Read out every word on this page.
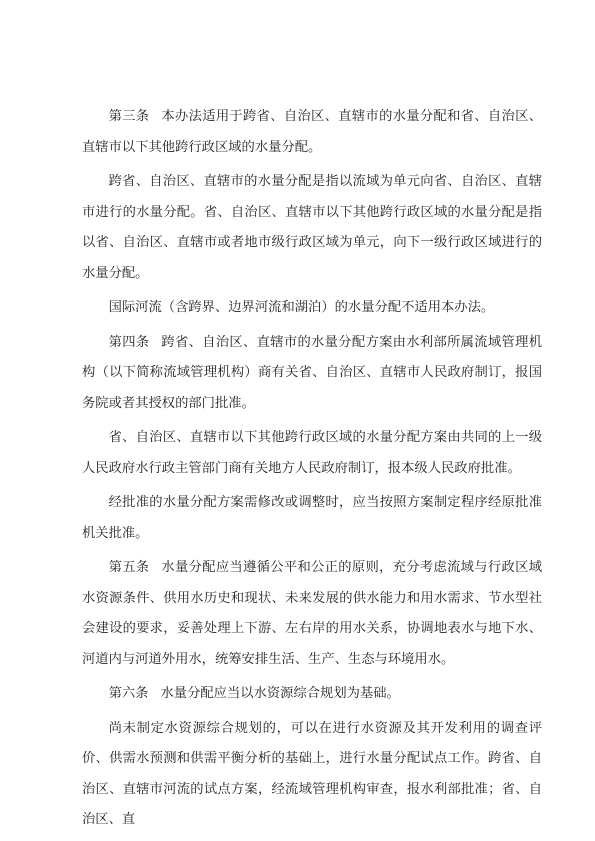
第三条 本办法适用于跨省、自治区、直辖市的水量分配和省、自治区、直辖市以下其他跨行政区域的水量分配。

跨省、自治区、直辖市的水量分配是指以流域为单元向省、自治区、直辖市进行的水量分配。省、自治区、直辖市以下其他跨行政区域的水量分配是指以省、自治区、直辖市或者地市级行政区域为单元，向下一级行政区域进行的水量分配。

国际河流（含跨界、边界河流和湖泊）的水量分配不适用本办法。

第四条 跨省、自治区、直辖市的水量分配方案由水利部所属流域管理机构（以下简称流域管理机构）商有关省、自治区、直辖市人民政府制订，报国务院或者其授权的部门批准。

省、自治区、直辖市以下其他跨行政区域的水量分配方案由共同的上一级人民政府水行政主管部门商有关地方人民政府制订，报本级人民政府批准。

经批准的水量分配方案需修改或调整时，应当按照方案制定程序经原批准机关批准。

第五条 水量分配应当遵循公平和公正的原则，充分考虑流域与行政区域水资源条件、供用水历史和现状、未来发展的供水能力和用水需求、节水型社会建设的要求，妥善处理上下游、左右岸的用水关系，协调地表水与地下水、河道内与河道外用水，统筹安排生活、生产、生态与环境用水。

第六条 水量分配应当以水资源综合规划为基础。

尚未制定水资源综合规划的，可以在进行水资源及其开发利用的调查评价、供需水预测和供需平衡分析的基础上，进行水量分配试点工作。跨省、自治区、直辖市河流的试点方案，经流域管理机构审查，报水利部批准；省、自治区、直
